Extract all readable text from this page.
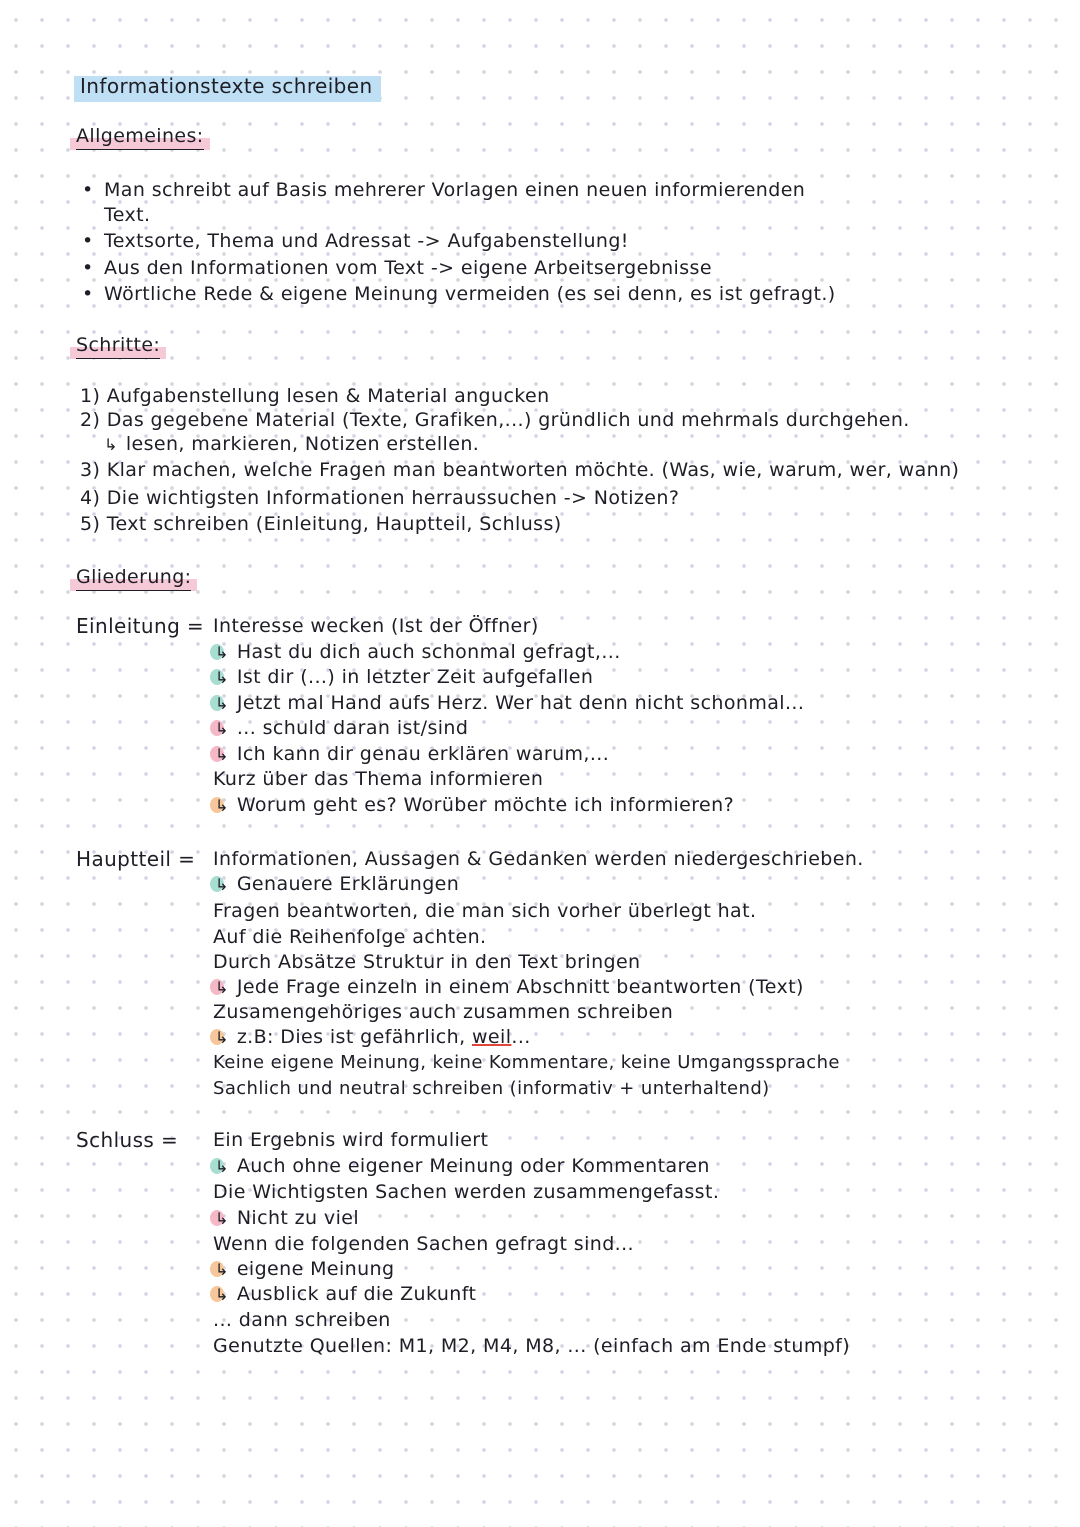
Informationstexte schreiben
Allgemeines:
• Man schreibt auf Basis mehrerer Vorlagen einen neuen informierenden
Text.
• Textsorte, Thema und Adressat -> Aufgabenstellung!
• Aus den Informationen vom Text -> eigene Arbeitsergebnisse
• Wörtliche Rede & eigene Meinung vermeiden (es sei denn, es ist gefragt.)
Schritte:
1) Aufgabenstellung lesen & Material angucken
2) Das gegebene Material (Texte, Grafiken,...) gründlich und mehrmals durchgehen.
↳ lesen, markieren, Notizen erstellen.
3) Klar machen, welche Fragen man beantworten möchte. (Was, wie, warum, wer, wann)
4) Die wichtigsten Informationen herraussuchen -> Notizen?
5) Text schreiben (Einleitung, Hauptteil, Schluss)
Gliederung:
Einleitung = Interesse wecken (Ist der Öffner)
↳ Hast du dich auch schonmal gefragt,...
↳ Ist dir (...) in letzter Zeit aufgefallen
↳ Jetzt mal Hand aufs Herz. Wer hat denn nicht schonmal...
↳ ... schuld daran ist/sind
↳ Ich kann dir genau erklären warum,...
Kurz über das Thema informieren
↳ Worum geht es? Worüber möchte ich informieren?
Hauptteil = Informationen, Aussagen & Gedanken werden niedergeschrieben.
↳ Genauere Erklärungen
Fragen beantworten, die man sich vorher überlegt hat.
Auf die Reihenfolge achten.
Durch Absätze Struktur in den Text bringen
↳ Jede Frage einzeln in einem Abschnitt beantworten (Text)
Zusamengehöriges auch zusammen schreiben
↳ z.B: Dies ist gefährlich, weil...
Keine eigene Meinung, keine Kommentare, keine Umgangssprache
Sachlich und neutral schreiben (informativ + unterhaltend)
Schluss = Ein Ergebnis wird formuliert
↳ Auch ohne eigener Meinung oder Kommentaren
Die Wichtigsten Sachen werden zusammengefasst.
↳ Nicht zu viel
Wenn die folgenden Sachen gefragt sind...
↳ eigene Meinung
↳ Ausblick auf die Zukunft
... dann schreiben
Genutzte Quellen: M1, M2, M4, M8, ... (einfach am Ende stumpf)
